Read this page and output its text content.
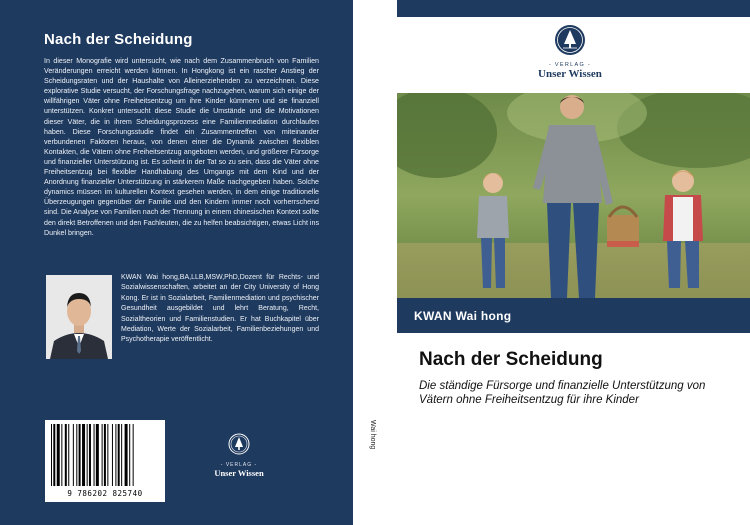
Nach der Scheidung
In dieser Monografie wird untersucht, wie nach dem Zusammenbruch von Familien Veränderungen erreicht werden können. In Hongkong ist ein rascher Anstieg der Scheidungsraten und der Haushalte von Alleinerziehenden zu verzeichnen. Diese explorative Studie versucht, der Forschungsfrage nachzugehen, warum sich einige der willfährigen Väter ohne Freiheitsentzug um ihre Kinder kümmern und sie finanziell unterstützen. Konkret untersucht diese Studie die Umstände und die Motivationen dieser Väter, die in ihrem Scheidungsprozess eine Familienmediation durchlaufen haben. Diese Forschungsstudie findet ein Zusammentreffen von miteinander verbundenen Faktoren heraus, von denen einer die Dynamik zwischen flexiblen Kontakten, die Vätern ohne Freiheitsentzug angeboten werden, und größerer Fürsorge und finanzieller Unterstützung ist. Es scheint in der Tat so zu sein, dass die Väter ohne Freiheitsentzug bei flexibler Handhabung des Umgangs mit dem Kind und der Anordnung finanzieller Unterstützung in stärkerem Maße nachgegeben haben. Solche dynamics müssen im kulturellen Kontext gesehen werden, in dem einige traditionelle Überzeugungen gegenüber der Familie und den Kindern immer noch vorherrschend sind. Die Analyse von Familien nach der Trennung in einem chinesischen Kontext sollte den direkt Betroffenen und den Fachleuten, die zu helfen beabsichtigen, etwas Licht ins Dunkel bringen.
KWAN Wai hong,BA,LLB,MSW,PhD,Dozent für Rechts- und Sozialwissenschaften, arbeitet an der City University of Hong Kong. Er ist in Sozialarbeit, Familienmediation und psychischer Gesundheit ausgebildet und lehrt Beratung, Recht, Sozialtheorien und Familienstudien. Er hat Buchkapitel über Mediation, Werte der Sozialarbeit, Familienbeziehungen und Psychotherapie veröffentlicht.
9 786202 825740
- VERLAG -
Unser Wissen
Wai hong
- VERLAG -
Unser Wissen
KWAN Wai hong
Nach der Scheidung
Die ständige Fürsorge und finanzielle Unterstützung von Vätern ohne Freiheitsentzug für ihre Kinder
